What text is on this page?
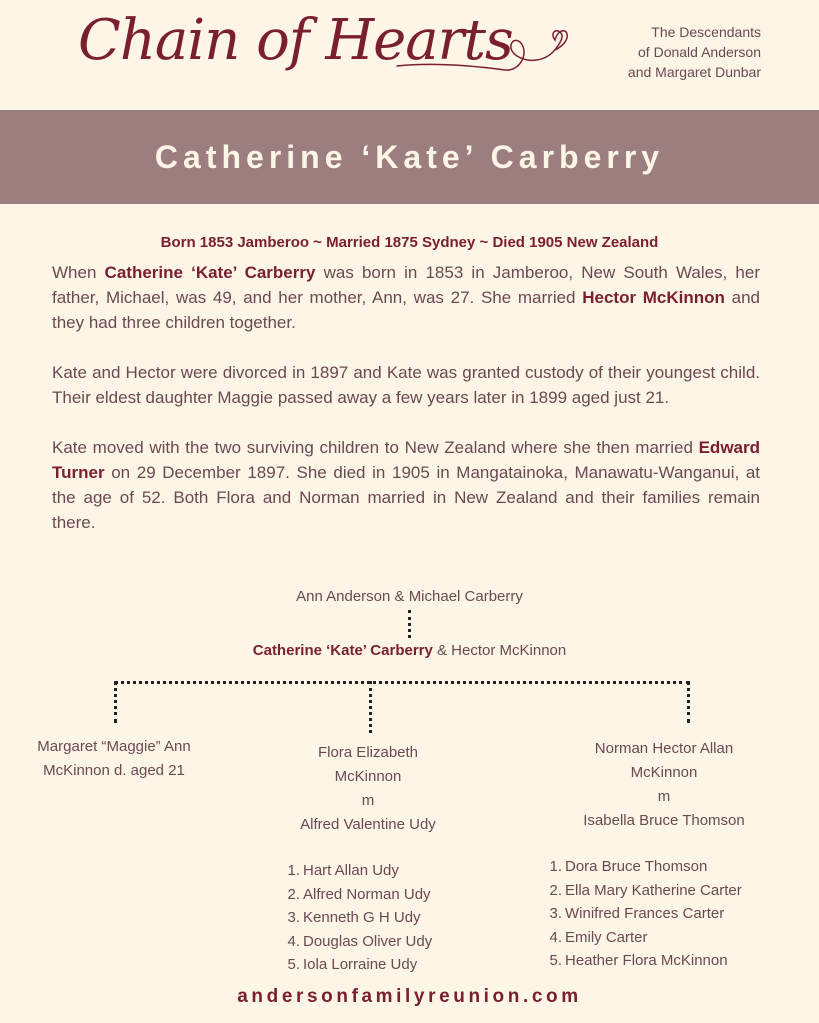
Chain of Hearts	The Descendants
of Donald Anderson
and Margaret Dunbar
Catherine ‘Kate’ Carberry
Born 1853 Jamberoo ~ Married 1875 Sydney ~ Died 1905 New Zealand

When Catherine ‘Kate’ Carberry was born in 1853 in Jamberoo, New South Wales, her father, Michael, was 49, and her mother, Ann, was 27. She married Hector McKinnon and they had three children together.

Kate and Hector were divorced in 1897 and Kate was granted custody of their youngest child. Their eldest daughter Maggie passed away a few years later in 1899 aged just 21.

Kate moved with the two surviving children to New Zealand where she then married Edward Turner on 29 December 1897. She died in 1905 in Mangatainoka, Manawatu-Wanganui, at the age of 52. Both Flora and Norman married in New Zealand and their families remain there.

Ann Anderson & Michael Carberry
Catherine ‘Kate’ Carberry & Hector McKinnon
Margaret “Maggie” Ann
McKinnon d. aged 21
Flora Elizabeth
McKinnon
m
Alfred Valentine Udy
Norman Hector Allan
McKinnon
m
Isabella Bruce Thomson
1. Hart Allan Udy
2. Alfred Norman Udy
3. Kenneth G H Udy
4. Douglas Oliver Udy
5. Iola Lorraine Udy
1. Dora Bruce Thomson
2. Ella Mary Katherine Carter
3. Winifred Frances Carter
4. Emily Carter
5. Heather Flora McKinnon
andersonfamilyreunion.com
